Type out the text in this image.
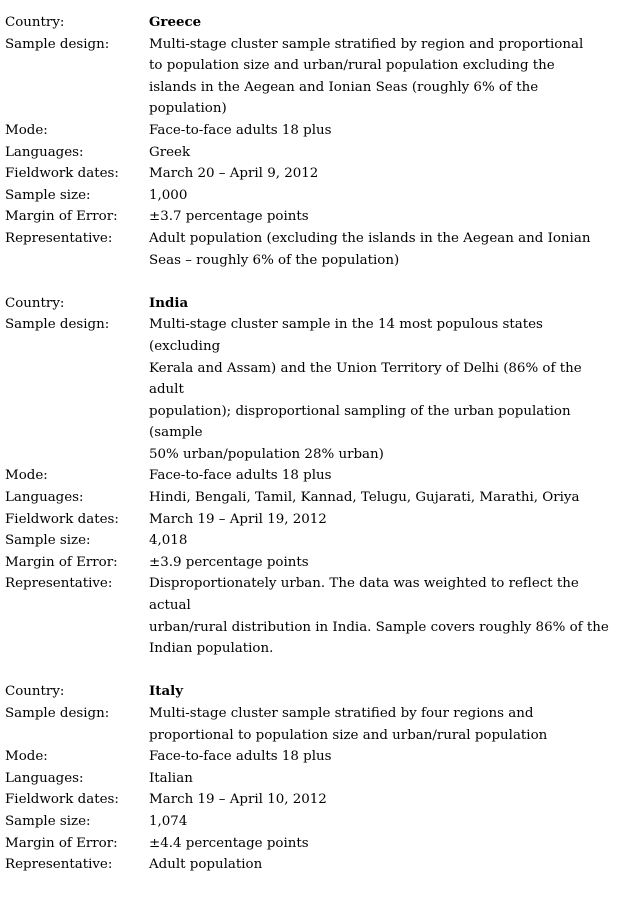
Country:	Greece
Sample design:	Multi-stage cluster sample stratified by region and proportional
to population size and urban/rural population excluding the
islands in the Aegean and Ionian Seas (roughly 6% of the
population)
Mode:	Face-to-face adults 18 plus
Languages:	Greek
Fieldwork dates:	March 20 – April 9, 2012
Sample size:	1,000
Margin of Error:	±3.7 percentage points
Representative:	Adult population (excluding the islands in the Aegean and Ionian
Seas – roughly 6% of the population)
Country:	India
Sample design:	Multi-stage cluster sample in the 14 most populous states (excluding
Kerala and Assam) and the Union Territory of Delhi (86% of the adult
population); disproportional sampling of the urban population (sample
50% urban/population 28% urban)
Mode:	Face-to-face adults 18 plus
Languages:	Hindi, Bengali, Tamil, Kannad, Telugu, Gujarati, Marathi, Oriya
Fieldwork dates:	March 19 – April 19, 2012
Sample size:	4,018
Margin of Error:	±3.9 percentage points
Representative:	Disproportionately urban. The data was weighted to reflect the actual
urban/rural distribution in India. Sample covers roughly 86% of the
Indian population.
Country:	Italy
Sample design:	Multi-stage cluster sample stratified by four regions and
proportional to population size and urban/rural population
Mode:	Face-to-face adults 18 plus
Languages:	Italian
Fieldwork dates:	March 19 – April 10, 2012
Sample size:	1,074
Margin of Error:	±4.4 percentage points
Representative:	Adult population
